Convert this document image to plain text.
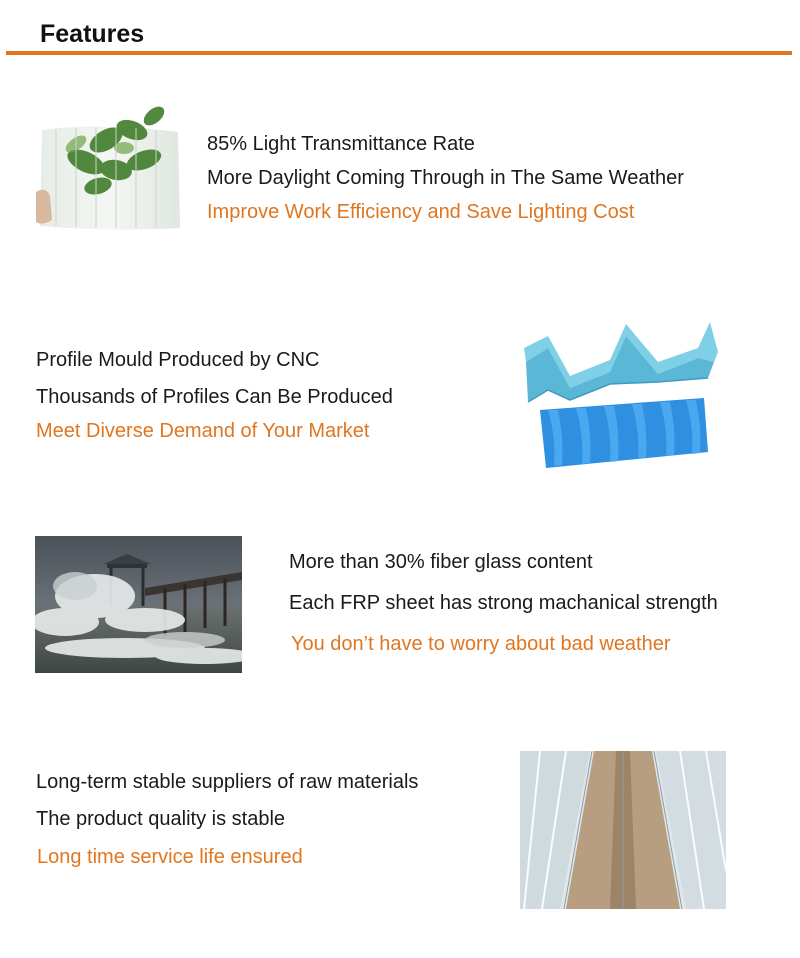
Features
85% Light Transmittance Rate
More Daylight Coming Through in The Same Weather
Improve Work Efficiency and Save Lighting Cost
Profile Mould Produced by CNC
Thousands of Profiles Can Be Produced
Meet Diverse Demand of Your Market
More than 30% fiber glass content
Each FRP sheet has strong machanical strength
You don’t have to worry about bad weather
Long-term stable suppliers of raw materials
The product quality is stable
Long time service life ensured
